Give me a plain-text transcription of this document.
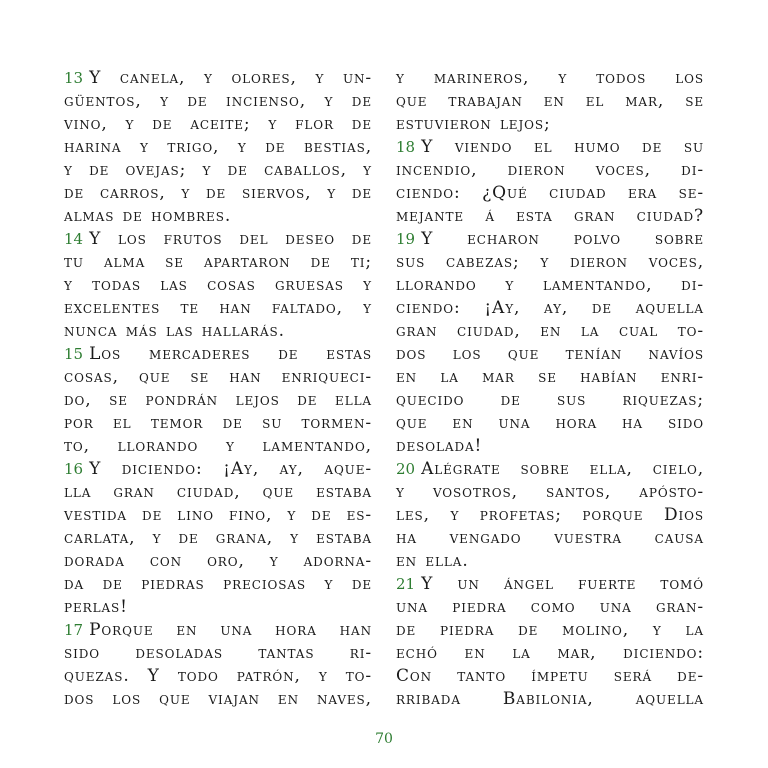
13 Y canela, y olores, y un-
güentos, y de incienso, y de
vino, y de aceite; y flor de
harina y trigo, y de bestias,
y de ovejas; y de caballos, y
de carros, y de siervos, y de
almas de hombres.
14 Y los frutos del deseo de
tu alma se apartaron de ti;
y todas las cosas gruesas y
excelentes te han faltado, y
nunca más las hallarás.
15 Los mercaderes de estas
cosas, que se han enriqueci-
do, se pondrán lejos de ella
por el temor de su tormen-
to, llorando y lamentando,
16 Y diciendo: ¡Ay, ay, aque-
lla gran ciudad, que estaba
vestida de lino fino, y de es-
carlata, y de grana, y estaba
dorada con oro, y adorna-
da de piedras preciosas y de
perlas!
17 Porque en una hora han
sido desoladas tantas ri-
quezas. Y todo patrón, y to-
dos los que viajan en naves,
y marineros, y todos los
que trabajan en el mar, se
estuvieron lejos;
18 Y viendo el humo de su
incendio, dieron voces, di-
ciendo: ¿Qué ciudad era se-
mejante á esta gran ciudad?
19 Y echaron polvo sobre
sus cabezas; y dieron voces,
llorando y lamentando, di-
ciendo: ¡Ay, ay, de aquella
gran ciudad, en la cual to-
dos los que tenían navíos
en la mar se habían enri-
quecido de sus riquezas;
que en una hora ha sido
desolada!
20 Alégrate sobre ella, cielo,
y vosotros, santos, apósto-
les, y profetas; porque Dios
ha vengado vuestra causa
en ella.
21 Y un ángel fuerte tomó
una piedra como una gran-
de piedra de molino, y la
echó en la mar, diciendo:
Con tanto ímpetu será de-
rribada Babilonia, aquella
70
